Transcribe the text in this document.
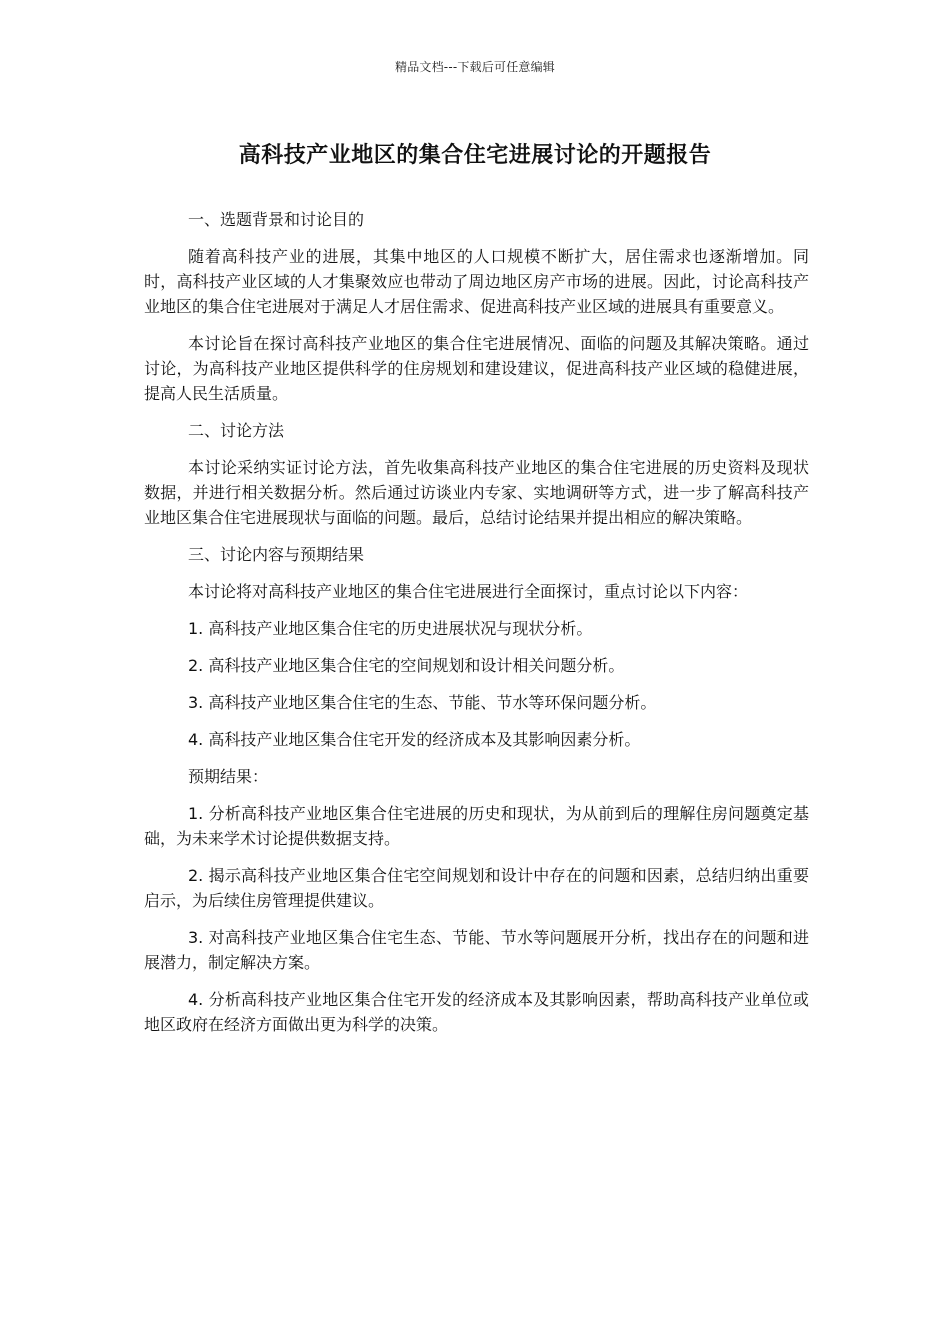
精品文档---下载后可任意编辑
高科技产业地区的集合住宅进展讨论的开题报告
一、选题背景和讨论目的
随着高科技产业的进展，其集中地区的人口规模不断扩大，居住需求也逐渐增加。同时，高科技产业区域的人才集聚效应也带动了周边地区房产市场的进展。因此，讨论高科技产业地区的集合住宅进展对于满足人才居住需求、促进高科技产业区域的进展具有重要意义。
本讨论旨在探讨高科技产业地区的集合住宅进展情况、面临的问题及其解决策略。通过讨论，为高科技产业地区提供科学的住房规划和建设建议，促进高科技产业区域的稳健进展，提高人民生活质量。
二、讨论方法
本讨论采纳实证讨论方法，首先收集高科技产业地区的集合住宅进展的历史资料及现状数据，并进行相关数据分析。然后通过访谈业内专家、实地调研等方式，进一步了解高科技产业地区集合住宅进展现状与面临的问题。最后，总结讨论结果并提出相应的解决策略。
三、讨论内容与预期结果
本讨论将对高科技产业地区的集合住宅进展进行全面探讨，重点讨论以下内容：
1. 高科技产业地区集合住宅的历史进展状况与现状分析。
2. 高科技产业地区集合住宅的空间规划和设计相关问题分析。
3. 高科技产业地区集合住宅的生态、节能、节水等环保问题分析。
4. 高科技产业地区集合住宅开发的经济成本及其影响因素分析。
预期结果：
1. 分析高科技产业地区集合住宅进展的历史和现状，为从前到后的理解住房问题奠定基础，为未来学术讨论提供数据支持。
2. 揭示高科技产业地区集合住宅空间规划和设计中存在的问题和因素，总结归纳出重要启示，为后续住房管理提供建议。
3. 对高科技产业地区集合住宅生态、节能、节水等问题展开分析，找出存在的问题和进展潜力，制定解决方案。
4. 分析高科技产业地区集合住宅开发的经济成本及其影响因素，帮助高科技产业单位或地区政府在经济方面做出更为科学的决策。
